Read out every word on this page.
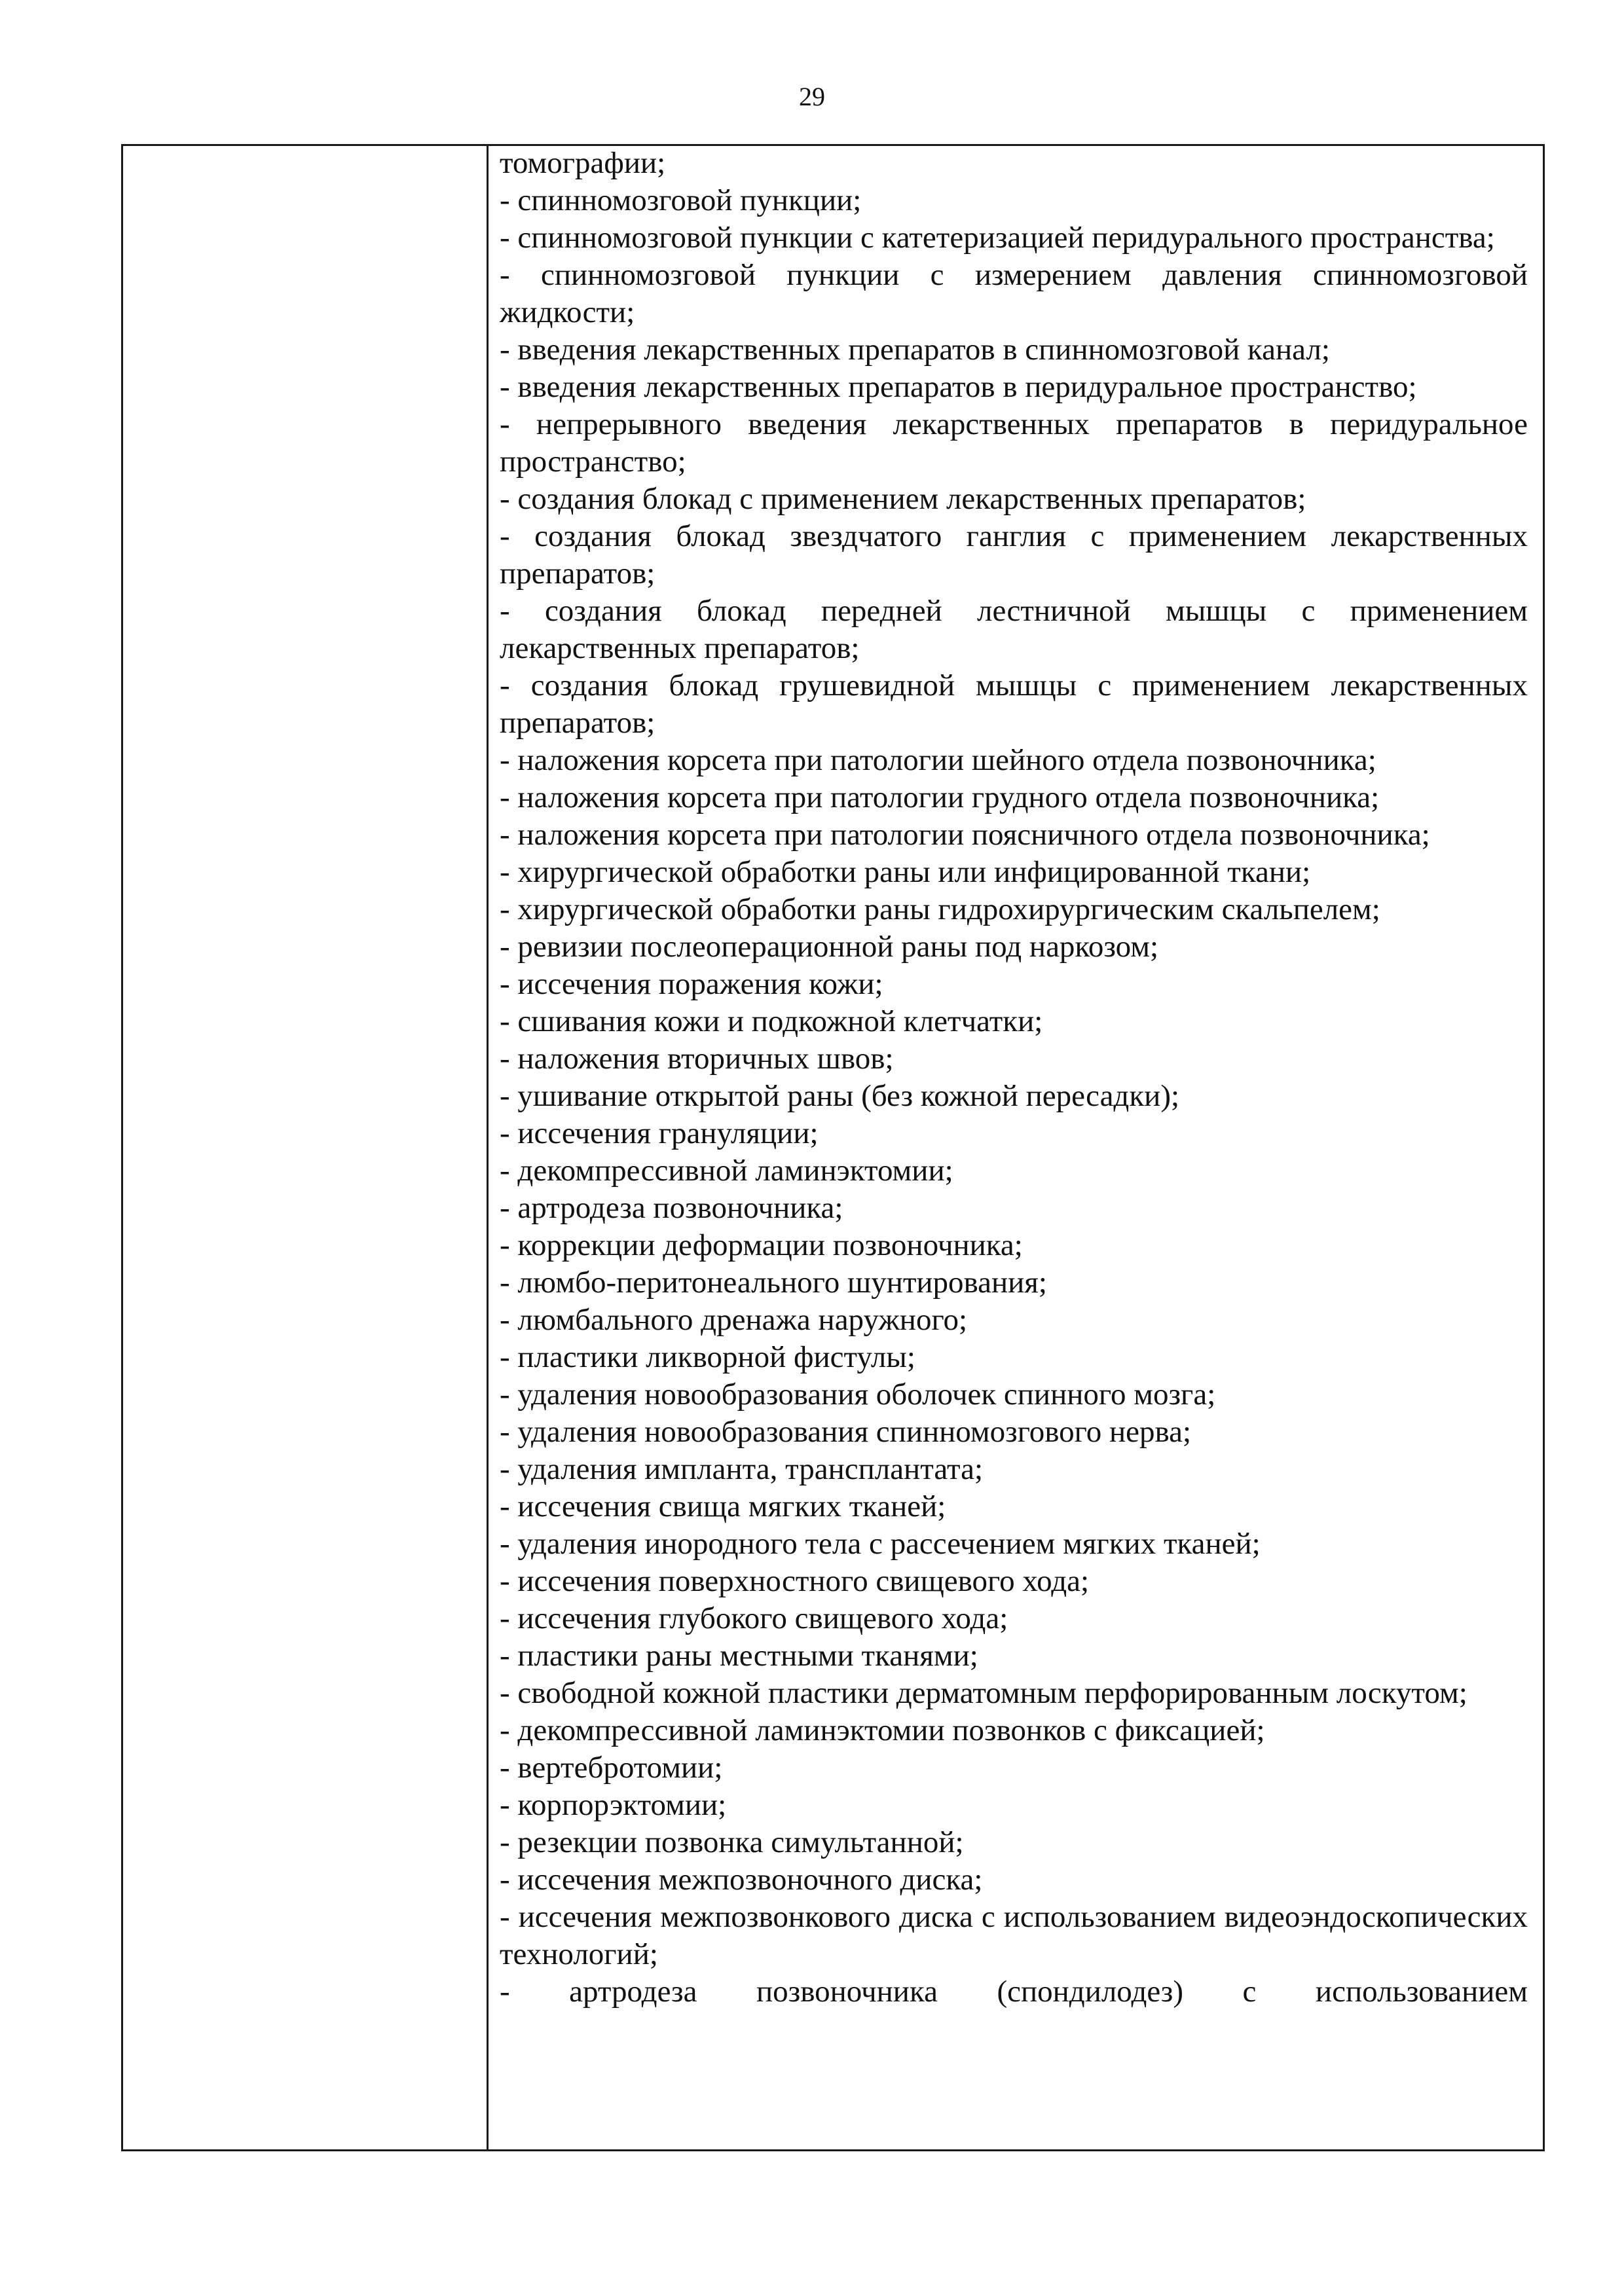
29

томографии;

- спинномозговой пункции;

- спинномозговой пункции с катетеризацией перидурального пространства;

- спинномозговой пункции с измерением давления спинномозговой жидкости;

- введения лекарственных препаратов в спинномозговой канал;

- введения лекарственных препаратов в перидуральное пространство;

- непрерывного введения лекарственных препаратов в перидуральное пространство;

- создания блокад с применением лекарственных препаратов;

- создания блокад звездчатого ганглия с применением лекарственных препаратов;

- создания блокад передней лестничной мышцы с применением лекарственных препаратов;

- создания блокад грушевидной мышцы с применением лекарственных препаратов;

- наложения корсета при патологии шейного отдела позвоночника;

- наложения корсета при патологии грудного отдела позвоночника;

- наложения корсета при патологии поясничного отдела позвоночника;

- хирургической обработки раны или инфицированной ткани;

- хирургической обработки раны гидрохирургическим скальпелем;

- ревизии послеоперационной раны под наркозом;

- иссечения поражения кожи;

- сшивания кожи и подкожной клетчатки;

- наложения вторичных швов;

- ушивание открытой раны (без кожной пересадки);

- иссечения грануляции;

- декомпрессивной ламинэктомии;

- артродеза позвоночника;

- коррекции деформации позвоночника;

- люмбо-перитонеального шунтирования;

- люмбального дренажа наружного;

- пластики ликворной фистулы;

- удаления новообразования оболочек спинного мозга;

- удаления новообразования спинномозгового нерва;

- удаления импланта, трансплантата;

- иссечения свища мягких тканей;

- удаления инородного тела с рассечением мягких тканей;

- иссечения поверхностного свищевого хода;

- иссечения глубокого свищевого хода;

- пластики раны местными тканями;

- свободной кожной пластики дерматомным перфорированным лоскутом;

- декомпрессивной ламинэктомии позвонков с фиксацией;

- вертебротомии;

- корпорэктомии;

- резекции позвонка симультанной;

- иссечения межпозвоночного диска;

- иссечения межпозвонкового диска с использованием видеоэндоскопических технологий;

- артродеза позвоночника (спондилодез) с использованием
